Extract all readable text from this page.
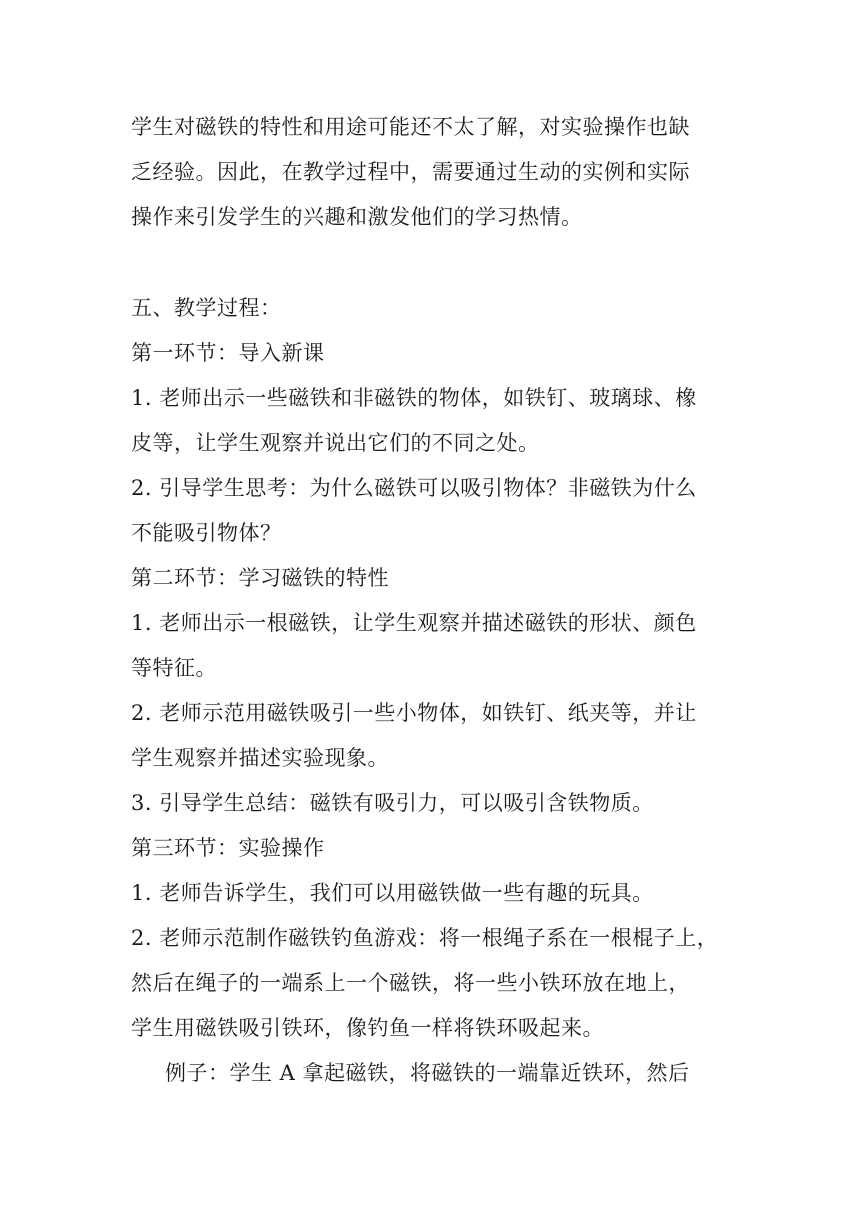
学生对磁铁的特性和用途可能还不太了解，对实验操作也缺
乏经验。因此，在教学过程中，需要通过生动的实例和实际
操作来引发学生的兴趣和激发他们的学习热情。
五、教学过程：
第一环节：导入新课
1. 老师出示一些磁铁和非磁铁的物体，如铁钉、玻璃球、橡
皮等，让学生观察并说出它们的不同之处。
2. 引导学生思考：为什么磁铁可以吸引物体？非磁铁为什么
不能吸引物体？
第二环节：学习磁铁的特性
1. 老师出示一根磁铁，让学生观察并描述磁铁的形状、颜色
等特征。
2. 老师示范用磁铁吸引一些小物体，如铁钉、纸夹等，并让
学生观察并描述实验现象。
3. 引导学生总结：磁铁有吸引力，可以吸引含铁物质。
第三环节：实验操作
1. 老师告诉学生，我们可以用磁铁做一些有趣的玩具。
2. 老师示范制作磁铁钓鱼游戏：将一根绳子系在一根棍子上，
然后在绳子的一端系上一个磁铁，将一些小铁环放在地上，
学生用磁铁吸引铁环，像钓鱼一样将铁环吸起来。
例子：学生 A 拿起磁铁，将磁铁的一端靠近铁环，然后
